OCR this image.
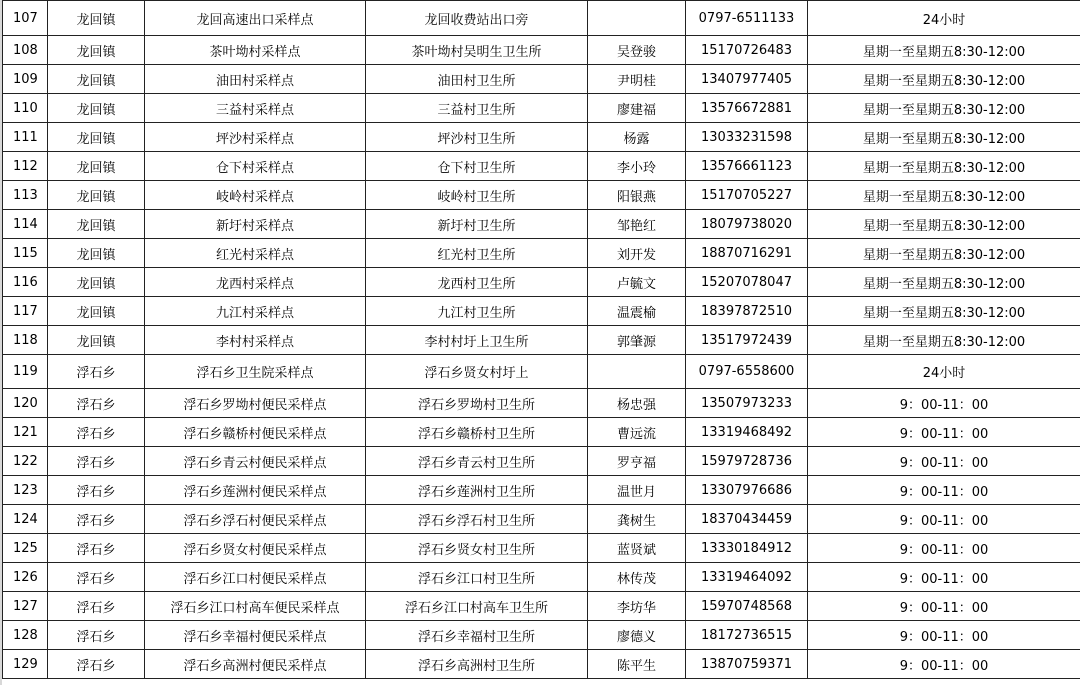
107	龙回镇	龙回高速出口采样点	龙回收费站出口旁		0797-6511133	24小时
108	龙回镇	茶叶坳村采样点	茶叶坳村吴明生卫生所	吴登骏	15170726483	星期一至星期五8:30-12:00
109	龙回镇	油田村采样点	油田村卫生所	尹明桂	13407977405	星期一至星期五8:30-12:00
110	龙回镇	三益村采样点	三益村卫生所	廖建福	13576672881	星期一至星期五8:30-12:00
111	龙回镇	坪沙村采样点	坪沙村卫生所	杨露	13033231598	星期一至星期五8:30-12:00
112	龙回镇	仓下村采样点	仓下村卫生所	李小玲	13576661123	星期一至星期五8:30-12:00
113	龙回镇	岐岭村采样点	岐岭村卫生所	阳银燕	15170705227	星期一至星期五8:30-12:00
114	龙回镇	新圩村采样点	新圩村卫生所	邹艳红	18079738020	星期一至星期五8:30-12:00
115	龙回镇	红光村采样点	红光村卫生所	刘开发	18870716291	星期一至星期五8:30-12:00
116	龙回镇	龙西村采样点	龙西村卫生所	卢毓文	15207078047	星期一至星期五8:30-12:00
117	龙回镇	九江村采样点	九江村卫生所	温震榆	18397872510	星期一至星期五8:30-12:00
118	龙回镇	李村村采样点	李村村圩上卫生所	郭肇源	13517972439	星期一至星期五8:30-12:00
119	浮石乡	浮石乡卫生院采样点	浮石乡贤女村圩上		0797-6558600	24小时
120	浮石乡	浮石乡罗坳村便民采样点	浮石乡罗坳村卫生所	杨忠强	13507973233	9：00-11：00
121	浮石乡	浮石乡赣桥村便民采样点	浮石乡赣桥村卫生所	曹远流	13319468492	9：00-11：00
122	浮石乡	浮石乡青云村便民采样点	浮石乡青云村卫生所	罗亨福	15979728736	9：00-11：00
123	浮石乡	浮石乡莲洲村便民采样点	浮石乡莲洲村卫生所	温世月	13307976686	9：00-11：00
124	浮石乡	浮石乡浮石村便民采样点	浮石乡浮石村卫生所	龚树生	18370434459	9：00-11：00
125	浮石乡	浮石乡贤女村便民采样点	浮石乡贤女村卫生所	蓝贤斌	13330184912	9：00-11：00
126	浮石乡	浮石乡江口村便民采样点	浮石乡江口村卫生所	林传茂	13319464092	9：00-11：00
127	浮石乡	浮石乡江口村高车便民采样点	浮石乡江口村高车卫生所	李坊华	15970748568	9：00-11：00
128	浮石乡	浮石乡幸福村便民采样点	浮石乡幸福村卫生所	廖德义	18172736515	9：00-11：00
129	浮石乡	浮石乡高洲村便民采样点	浮石乡高洲村卫生所	陈平生	13870759371	9：00-11：00
